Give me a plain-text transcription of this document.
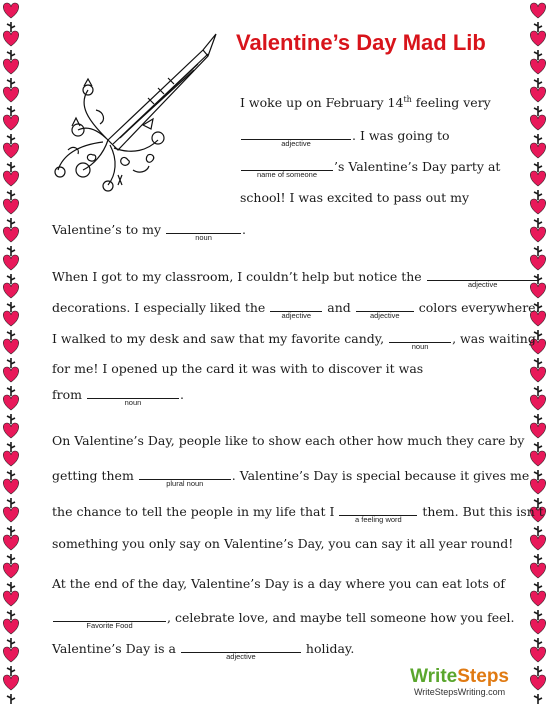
Valentine’s Day Mad Lib
I woke up on February 14th feeling very
adjective
. I was going to
name of someone
’s Valentine’s Day party at
school! I was excited to pass out my
Valentine’s to my
noun
.
When I got to my classroom, I couldn’t help but notice the
adjective
decorations. I especially liked the
adjective
and
adjective
colors everywhere.
I walked to my desk and saw that my favorite candy,
noun
, was waiting
for me! I opened up the card it was with to discover it was
from
noun
.
On Valentine’s Day, people like to show each other how much they care by
getting them
plural noun
. Valentine’s Day is special because it gives me
the chance to tell the people in my life that I
a feeling word
them. But this isn’t
something you only say on Valentine’s Day, you can say it all year round!
At the end of the day, Valentine’s Day is a day where you can eat lots of
Favorite Food
, celebrate love, and maybe tell someone how you feel.
Valentine’s Day is a
adjective
holiday.
WriteSteps
WriteStepsWriting.com
